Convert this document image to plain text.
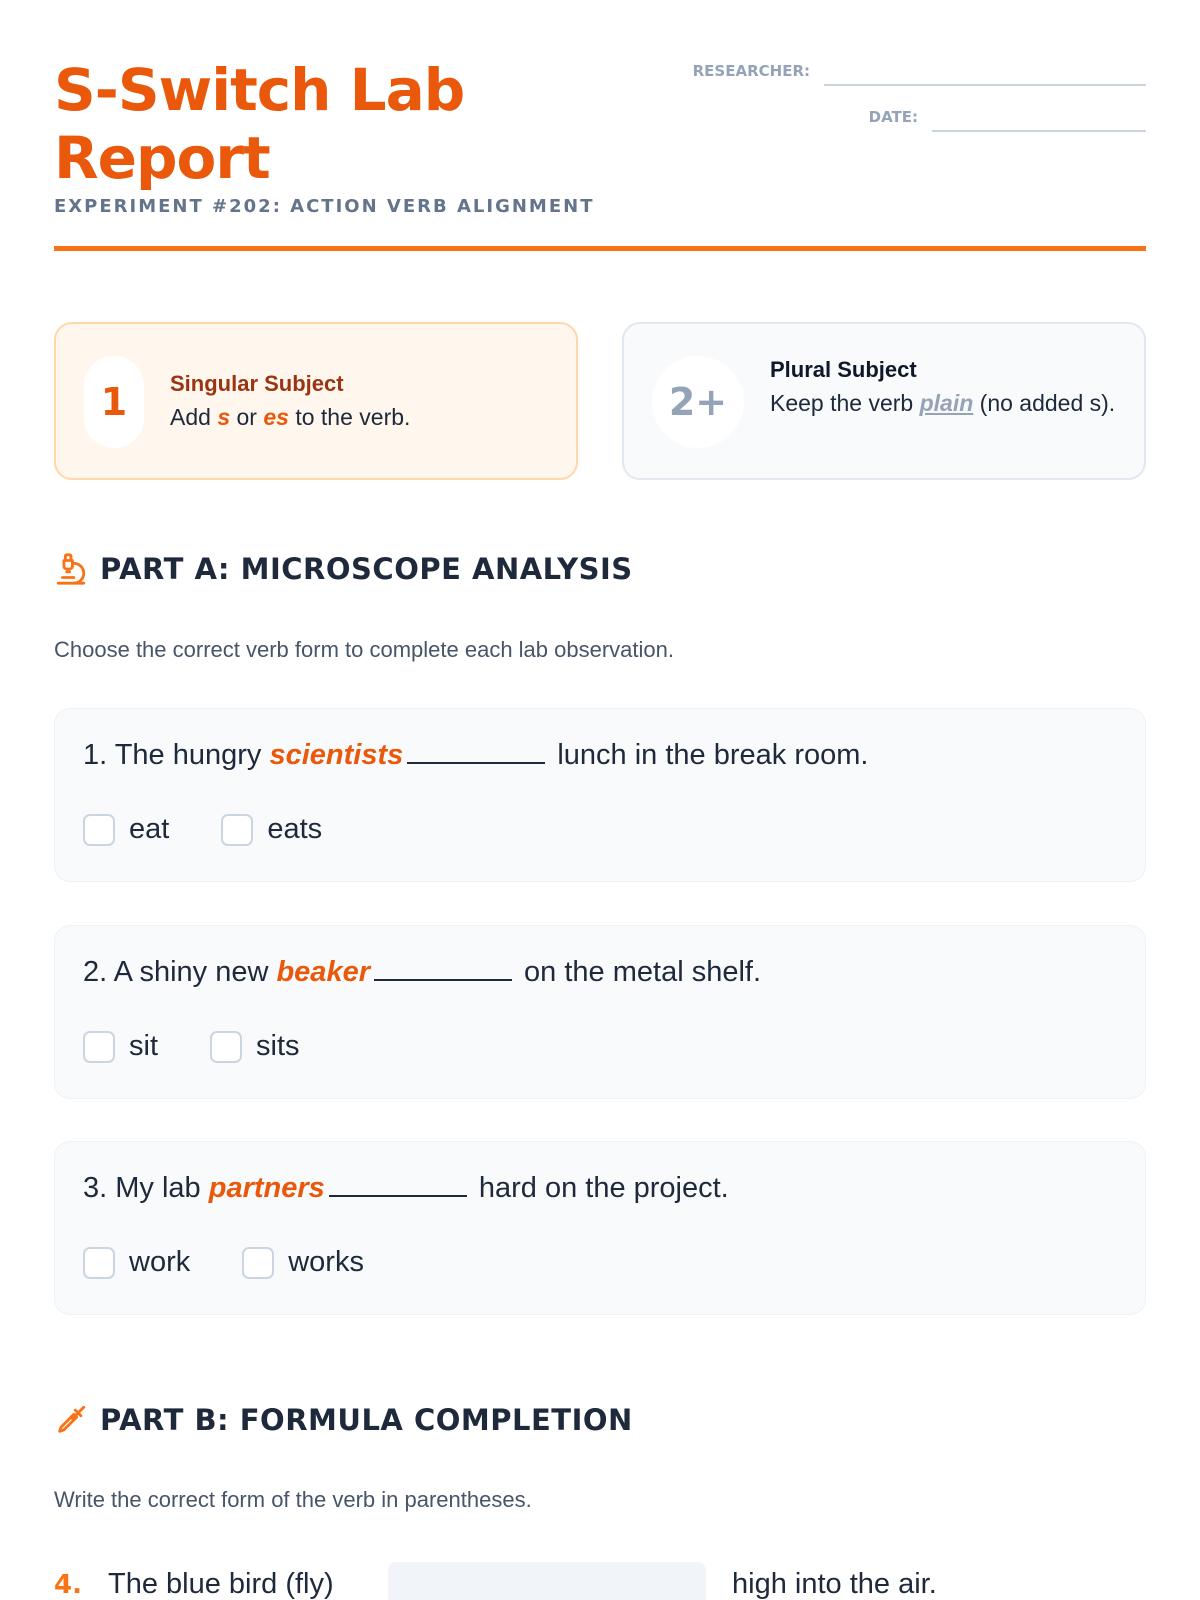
S-Switch Lab Report
EXPERIMENT #202: ACTION VERB ALIGNMENT
RESEARCHER:
DATE:
1	Singular Subject
Add s or es to the verb.	2+
Plural Subject
Keep the verb plain (no added s).
PART A: MICROSCOPE ANALYSIS
Choose the correct verb form to complete each lab observation.
1. The hungry scientists	lunch in the break room.
eat	eats
2. A shiny new beaker	on the metal shelf.
sit	sits
3. My lab partners	hard on the project.
work	works
PART B: FORMULA COMPLETION
Write the correct form of the verb in parentheses.
4. The blue bird (fly)	high into the air.
